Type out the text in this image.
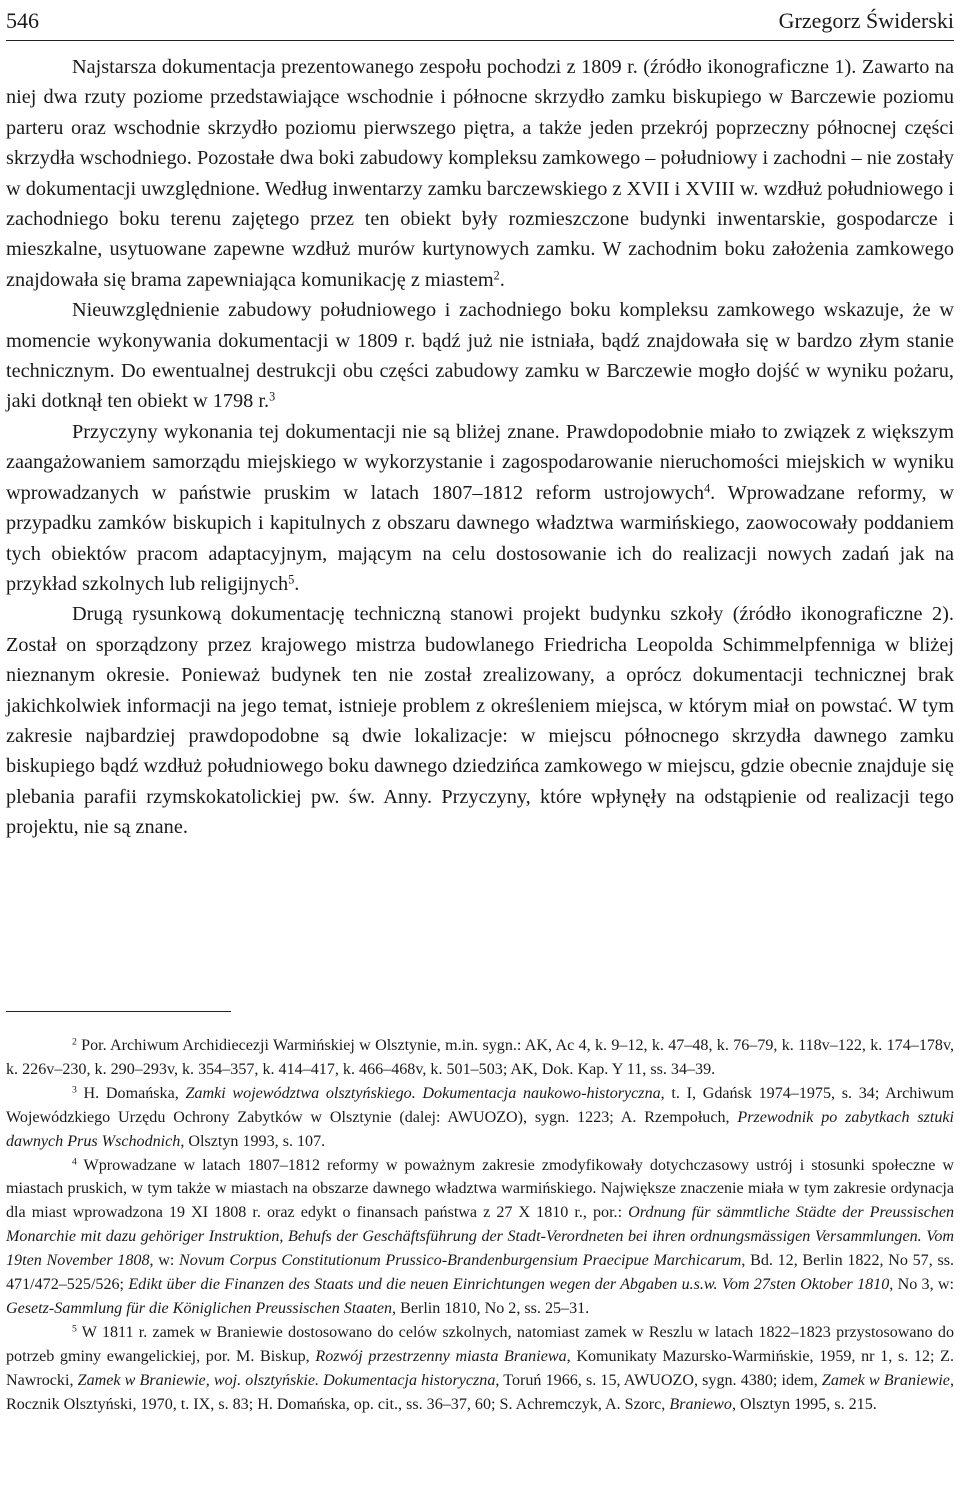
546	Grzegorz Świderski

Najstarsza dokumentacja prezentowanego zespołu pochodzi z 1809 r. (źródło ikonograficzne 1). Zawarto na niej dwa rzuty poziome przedstawiające wschodnie i północne skrzydło zamku biskupiego w Barczewie poziomu parteru oraz wschodnie skrzydło poziomu pierwszego piętra, a także jeden przekrój poprzeczny północnej części skrzydła wschodniego. Pozostałe dwa boki zabudowy kompleksu zamkowego – południowy i zachodni – nie zostały w dokumentacji uwzględnione. Według inwentarzy zamku barczewskiego z XVII i XVIII w. wzdłuż południowego i zachodniego boku terenu zajętego przez ten obiekt były rozmieszczone budynki inwentarskie, gospodarcze i mieszkalne, usytuowane zapewne wzdłuż murów kurtynowych zamku. W zachodnim boku założenia zamkowego znajdowała się brama zapewniająca komunikację z miastem$^2$.

Nieuwzględnienie zabudowy południowego i zachodniego boku kompleksu zamkowego wskazuje, że w momencie wykonywania dokumentacji w 1809 r. bądź już nie istniała, bądź znajdowała się w bardzo złym stanie technicznym. Do ewentualnej destrukcji obu części zabudowy zamku w Barczewie mogło dojść w wyniku pożaru, jaki dotknął ten obiekt w 1798 r.$^3$

Przyczyny wykonania tej dokumentacji nie są bliżej znane. Prawdopodobnie miało to związek z większym zaangażowaniem samorządu miejskiego w wykorzystanie i zagospodarowanie nieruchomości miejskich w wyniku wprowadzanych w państwie pruskim w latach 1807–1812 reform ustrojowych$^4$. Wprowadzane reformy, w przypadku zamków biskupich i kapitulnych z obszaru dawnego władztwa warmińskiego, zaowocowały poddaniem tych obiektów pracom adaptacyjnym, mającym na celu dostosowanie ich do realizacji nowych zadań jak na przykład szkolnych lub religijnych$^5$.

Drugą rysunkową dokumentację techniczną stanowi projekt budynku szkoły (źródło ikonograficzne 2). Został on sporządzony przez krajowego mistrza budowlanego Friedricha Leopolda Schimmelpfenniga w bliżej nieznanym okresie. Ponieważ budynek ten nie został zrealizowany, a oprócz dokumentacji technicznej brak jakichkolwiek informacji na jego temat, istnieje problem z określeniem miejsca, w którym miał on powstać. W tym zakresie najbardziej prawdopodobne są dwie lokalizacje: w miejscu północnego skrzydła dawnego zamku biskupiego bądź wzdłuż południowego boku dawnego dziedzińca zamkowego w miejscu, gdzie obecnie znajduje się plebania parafii rzymskokatolickiej pw. św. Anny. Przyczyny, które wpłynęły na odstąpienie od realizacji tego projektu, nie są znane.

$^2$ Por. Archiwum Archidiecezji Warmińskiej w Olsztynie, m.in. sygn.: AK, Ac 4, k. 9–12, k. 47–48, k. 76–79, k. 118v–122, k. 174–178v, k. 226v–230, k. 290–293v, k. 354–357, k. 414–417, k. 466–468v, k. 501–503; AK, Dok. Kap. Y 11, ss. 34–39.

$^3$ H. Domańska, Zamki województwa olsztyńskiego. Dokumentacja naukowo-historyczna, t. I, Gdańsk 1974–1975, s. 34; Archiwum Wojewódzkiego Urzędu Ochrony Zabytków w Olsztynie (dalej: AWUOZO), sygn. 1223; A. Rzempołuch, Przewodnik po zabytkach sztuki dawnych Prus Wschodnich, Olsztyn 1993, s. 107.

$^4$ Wprowadzane w latach 1807–1812 reformy w poważnym zakresie zmodyfikowały dotychczasowy ustrój i stosunki społeczne w miastach pruskich, w tym także w miastach na obszarze dawnego władztwa warmińskiego. Największe znaczenie miała w tym zakresie ordynacja dla miast wprowadzona 19 XI 1808 r. oraz edykt o finansach państwa z 27 X 1810 r., por.: Ordnung für sämmtliche Städte der Preussischen Monarchie mit dazu gehöriger Instruktion, Behufs der Geschäftsführung der Stadt-Verordneten bei ihren ordnungsmässigen Versammlungen. Vom 19ten November 1808, w: Novum Corpus Constitutionum Prussico-Brandenburgensium Praecipue Marchicarum, Bd. 12, Berlin 1822, No 57, ss. 471/472–525/526; Edikt über die Finanzen des Staats und die neuen Einrichtungen wegen der Abgaben u.s.w. Vom 27sten Oktober 1810, No 3, w: Gesetz-Sammlung für die Königlichen Preussischen Staaten, Berlin 1810, No 2, ss. 25–31.

$^5$ W 1811 r. zamek w Braniewie dostosowano do celów szkolnych, natomiast zamek w Reszlu w latach 1822–1823 przystosowano do potrzeb gminy ewangelickiej, por. M. Biskup, Rozwój przestrzenny miasta Braniewa, Komunikaty Mazursko-Warmińskie, 1959, nr 1, s. 12; Z. Nawrocki, Zamek w Braniewie, woj. olsztyńskie. Dokumentacja historyczna, Toruń 1966, s. 15, AWUOZO, sygn. 4380; idem, Zamek w Braniewie, Rocznik Olsztyński, 1970, t. IX, s. 83; H. Domańska, op. cit., ss. 36–37, 60; S. Achremczyk, A. Szorc, Braniewo, Olsztyn 1995, s. 215.
